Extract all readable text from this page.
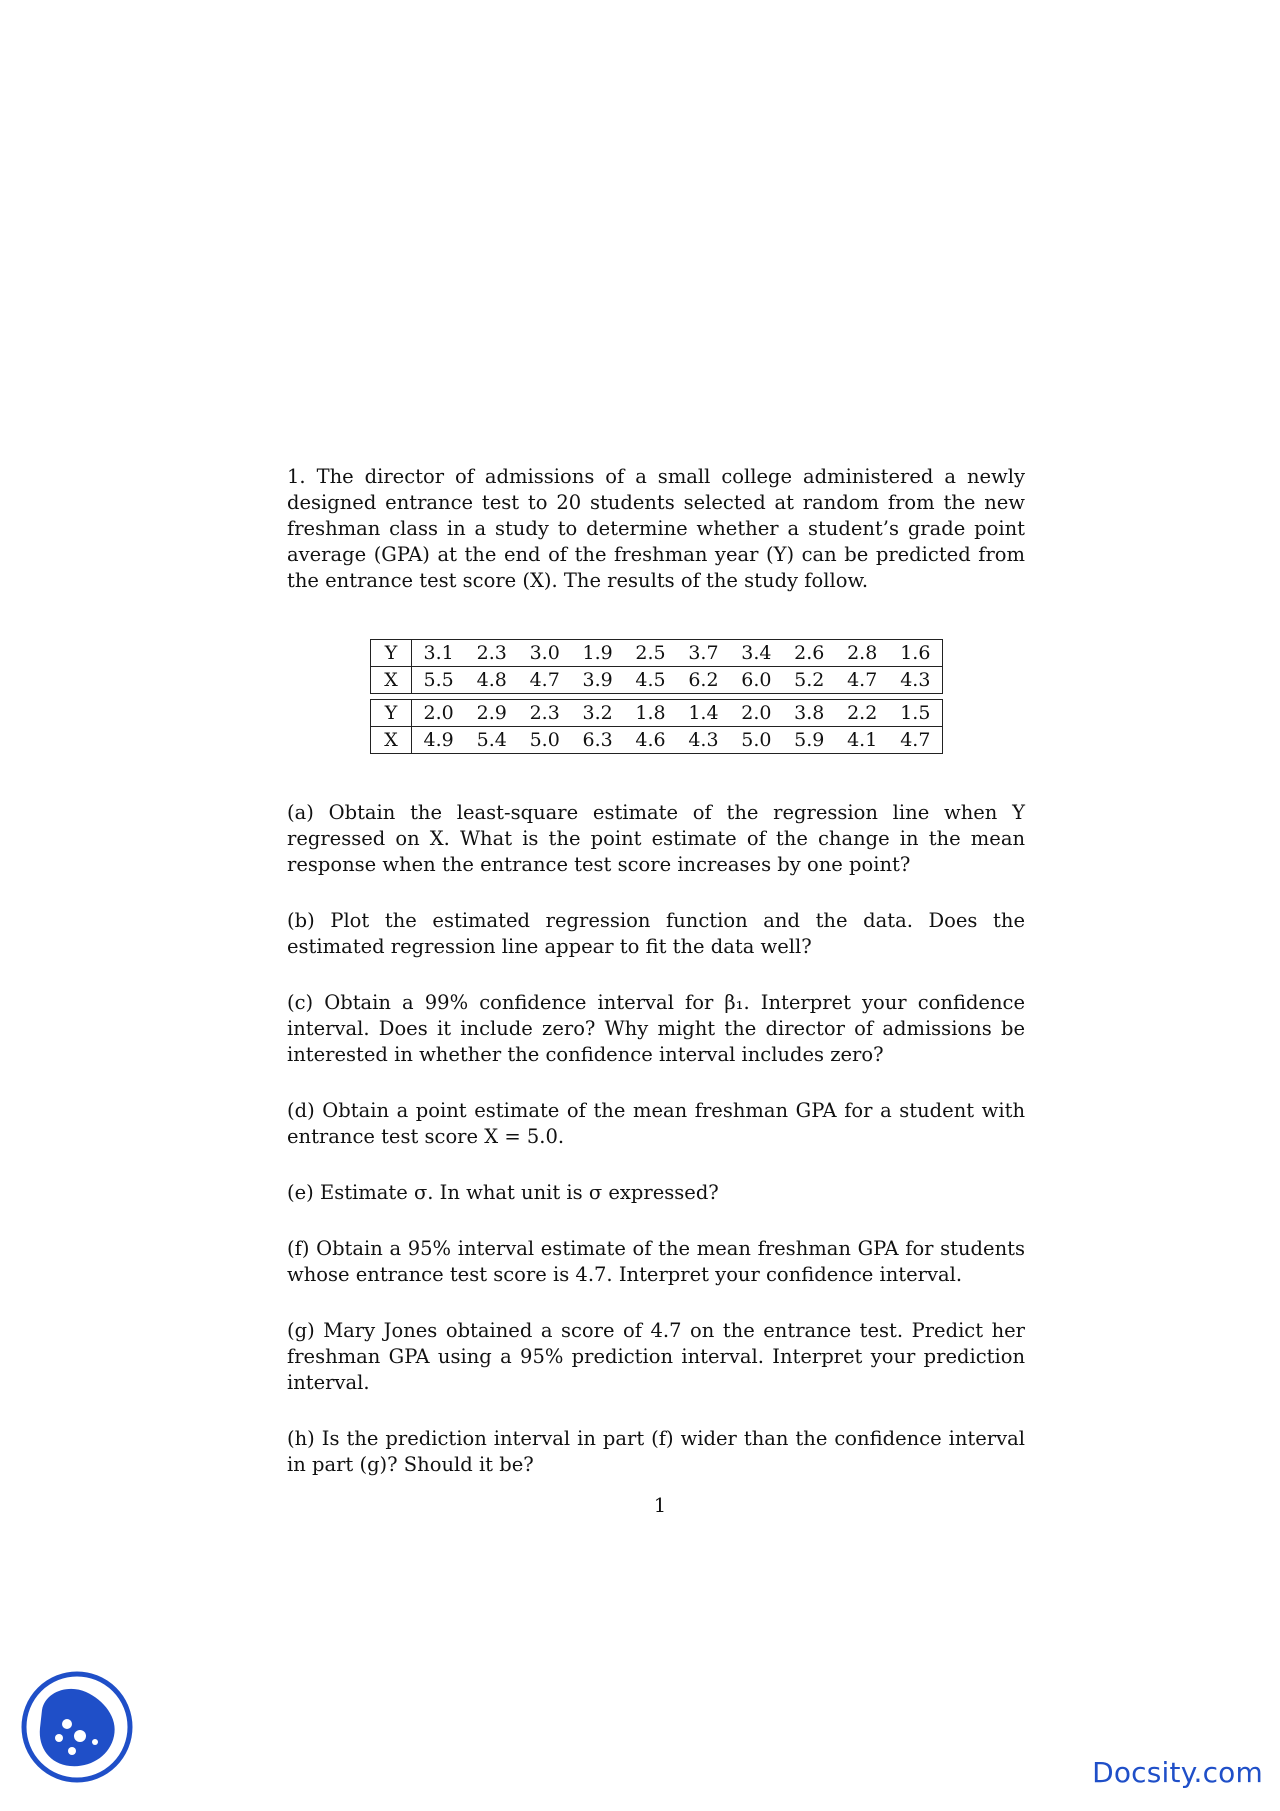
1. The director of admissions of a small college administered a newly designed entrance test to 20 students selected at random from the new freshman class in a study to determine whether a student’s grade point average (GPA) at the end of the freshman year (Y) can be predicted from the entrance test score (X). The results of the study follow.

Y	3.1	2.3	3.0	1.9	2.5	3.7	3.4	2.6	2.8	1.6
X	5.5	4.8	4.7	3.9	4.5	6.2	6.0	5.2	4.7	4.3
Y	2.0	2.9	2.3	3.2	1.8	1.4	2.0	3.8	2.2	1.5
X	4.9	5.4	5.0	6.3	4.6	4.3	5.0	5.9	4.1	4.7

(a) Obtain the least-square estimate of the regression line when Y regressed on X. What is the point estimate of the change in the mean response when the entrance test score increases by one point?

(b) Plot the estimated regression function and the data. Does the estimated regression line appear to fit the data well?

(c) Obtain a 99% confidence interval for β₁. Interpret your confidence interval. Does it include zero? Why might the director of admissions be interested in whether the confidence interval includes zero?

(d) Obtain a point estimate of the mean freshman GPA for a student with entrance test score X = 5.0.

(e) Estimate σ. In what unit is σ expressed?

(f) Obtain a 95% interval estimate of the mean freshman GPA for students whose entrance test score is 4.7. Interpret your confidence interval.

(g) Mary Jones obtained a score of 4.7 on the entrance test. Predict her freshman GPA using a 95% prediction interval. Interpret your prediction interval.

(h) Is the prediction interval in part (f) wider than the confidence interval in part (g)? Should it be?

1
Docsity.com
